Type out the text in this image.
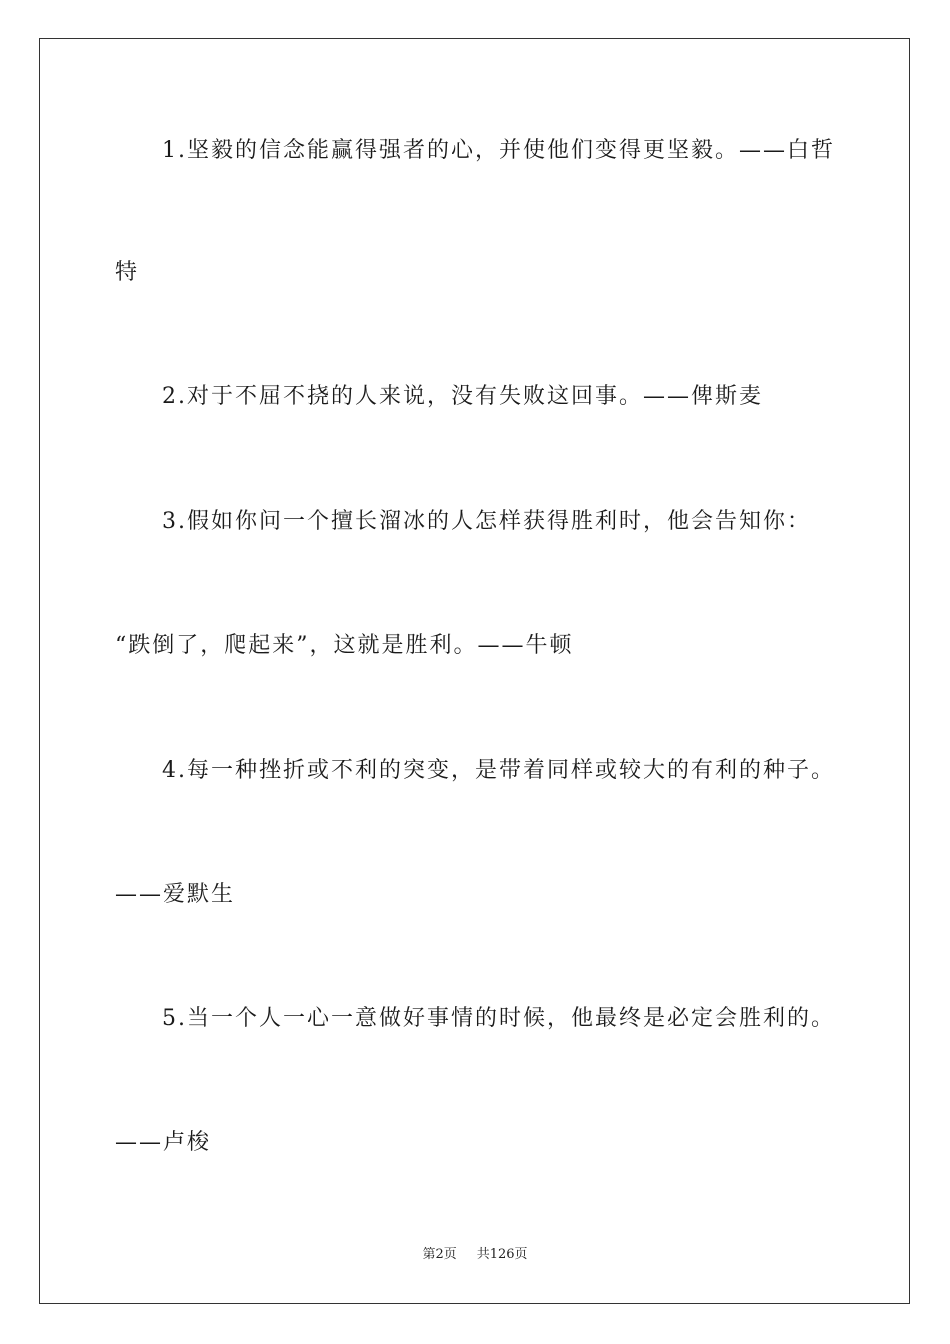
1.坚毅的信念能赢得强者的心，并使他们变得更坚毅。——白哲
特
2.对于不屈不挠的人来说，没有失败这回事。——俾斯麦
3.假如你问一个擅长溜冰的人怎样获得胜利时，他会告知你：
“跌倒了，爬起来”，这就是胜利。——牛顿
4.每一种挫折或不利的突变，是带着同样或较大的有利的种子。
——爱默生
5.当一个人一心一意做好事情的时候，他最终是必定会胜利的。
——卢梭
第2页 共126页
